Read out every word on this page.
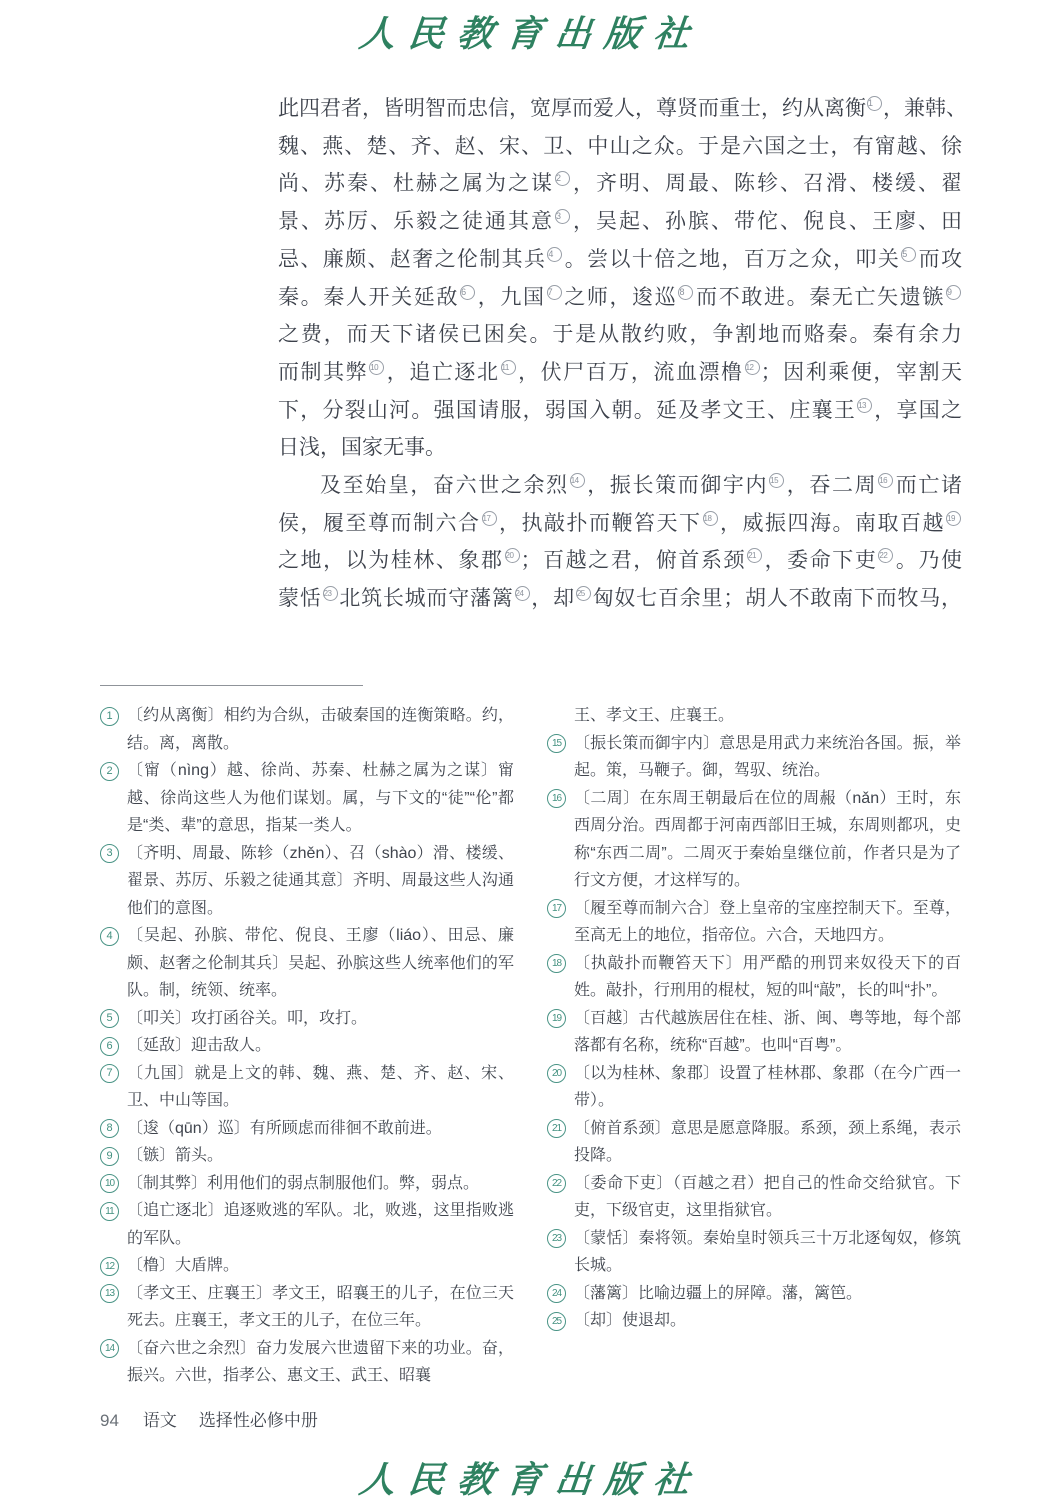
人民教育出版社
此四君者，皆明智而忠信，宽厚而爱人，尊贤而重士，约从离衡 1 ，兼韩、
魏、燕、楚、齐、赵、宋、卫、中山之众。于是六国之士，有甯越、徐
尚、苏秦、杜赫之属为之谋 2 ，齐明、周最、陈轸、召滑、楼缓、翟
景、苏厉、乐毅之徒通其意 3 ，吴起、孙膑、带佗、倪良、王廖、田
忌、廉颇、赵奢之伦制其兵 4 。尝以十倍之地，百万之众，叩关 5 而攻
秦。秦人开关延敌 6 ，九国 7 之师，逡巡 8 而不敢进。秦无亡矢遗镞 9
之费，而天下诸侯已困矣。于是从散约败，争割地而赂秦。秦有余力
而制其弊 10 ，追亡逐北 11 ，伏尸百万，流血漂橹 12 ；因利乘便，宰割天
下，分裂山河。强国请服，弱国入朝。延及孝文王、庄襄王 13 ，享国之
日浅，国家无事。
及至始皇，奋六世之余烈 14 ，振长策而御宇内 15 ，吞二周 16 而亡诸
侯，履至尊而制六合 17 ，执敲扑而鞭笞天下 18 ，威振四海。南取百越 19
之地，以为桂林、象郡 20 ；百越之君，俯首系颈 21 ，委命下吏 22 。乃使
蒙恬 23 北筑长城而守藩篱 24 ，却 25 匈奴七百余里；胡人不敢南下而牧马，
1 〔约从离衡〕相约为合纵，击破秦国的连衡策略。约，结。离，离散。
2 〔甯（nìng）越、徐尚、苏秦、杜赫之属为之谋〕甯越、徐尚这些人为他们谋划。属，与下文的“徒”“伦”都是“类、辈”的意思，指某一类人。
3 〔齐明、周最、陈轸（zhěn）、召（shào）滑、楼缓、翟景、苏厉、乐毅之徒通其意〕齐明、周最这些人沟通他们的意图。
4 〔吴起、孙膑、带佗、倪良、王廖（liáo）、田忌、廉颇、赵奢之伦制其兵〕吴起、孙膑这些人统率他们的军队。制，统领、统率。
5 〔叩关〕攻打函谷关。叩，攻打。
6 〔延敌〕迎击敌人。
7 〔九国〕就是上文的韩、魏、燕、楚、齐、赵、宋、卫、中山等国。
8 〔逡（qūn）巡〕有所顾虑而徘徊不敢前进。
9 〔镞〕箭头。
10 〔制其弊〕利用他们的弱点制服他们。弊，弱点。
11 〔追亡逐北〕追逐败逃的军队。北，败逃，这里指败逃的军队。
12 〔橹〕大盾牌。
13 〔孝文王、庄襄王〕孝文王，昭襄王的儿子，在位三天死去。庄襄王，孝文王的儿子，在位三年。
14 〔奋六世之余烈〕奋力发展六世遗留下来的功业。奋，振兴。六世，指孝公、惠文王、武王、昭襄
王、孝文王、庄襄王。
15 〔振长策而御宇内〕意思是用武力来统治各国。振，举起。策，马鞭子。御，驾驭、统治。
16 〔二周〕在东周王朝最后在位的周赧（nǎn）王时，东西周分治。西周都于河南西部旧王城，东周则都巩，史称“东西二周”。二周灭于秦始皇继位前，作者只是为了行文方便，才这样写的。
17 〔履至尊而制六合〕登上皇帝的宝座控制天下。至尊，至高无上的地位，指帝位。六合，天地四方。
18 〔执敲扑而鞭笞天下〕用严酷的刑罚来奴役天下的百姓。敲扑，行刑用的棍杖，短的叫“敲”，长的叫“扑”。
19 〔百越〕古代越族居住在桂、浙、闽、粤等地，每个部落都有名称，统称“百越”。也叫“百粤”。
20 〔以为桂林、象郡〕设置了桂林郡、象郡（在今广西一带）。
21 〔俯首系颈〕意思是愿意降服。系颈，颈上系绳，表示投降。
22 〔委命下吏〕（百越之君）把自己的性命交给狱官。下吏，下级官吏，这里指狱官。
23 〔蒙恬〕秦将领。秦始皇时领兵三十万北逐匈奴，修筑长城。
24 〔藩篱〕比喻边疆上的屏障。藩，篱笆。
25 〔却〕使退却。
94 语文 选择性必修中册
人民教育出版社
